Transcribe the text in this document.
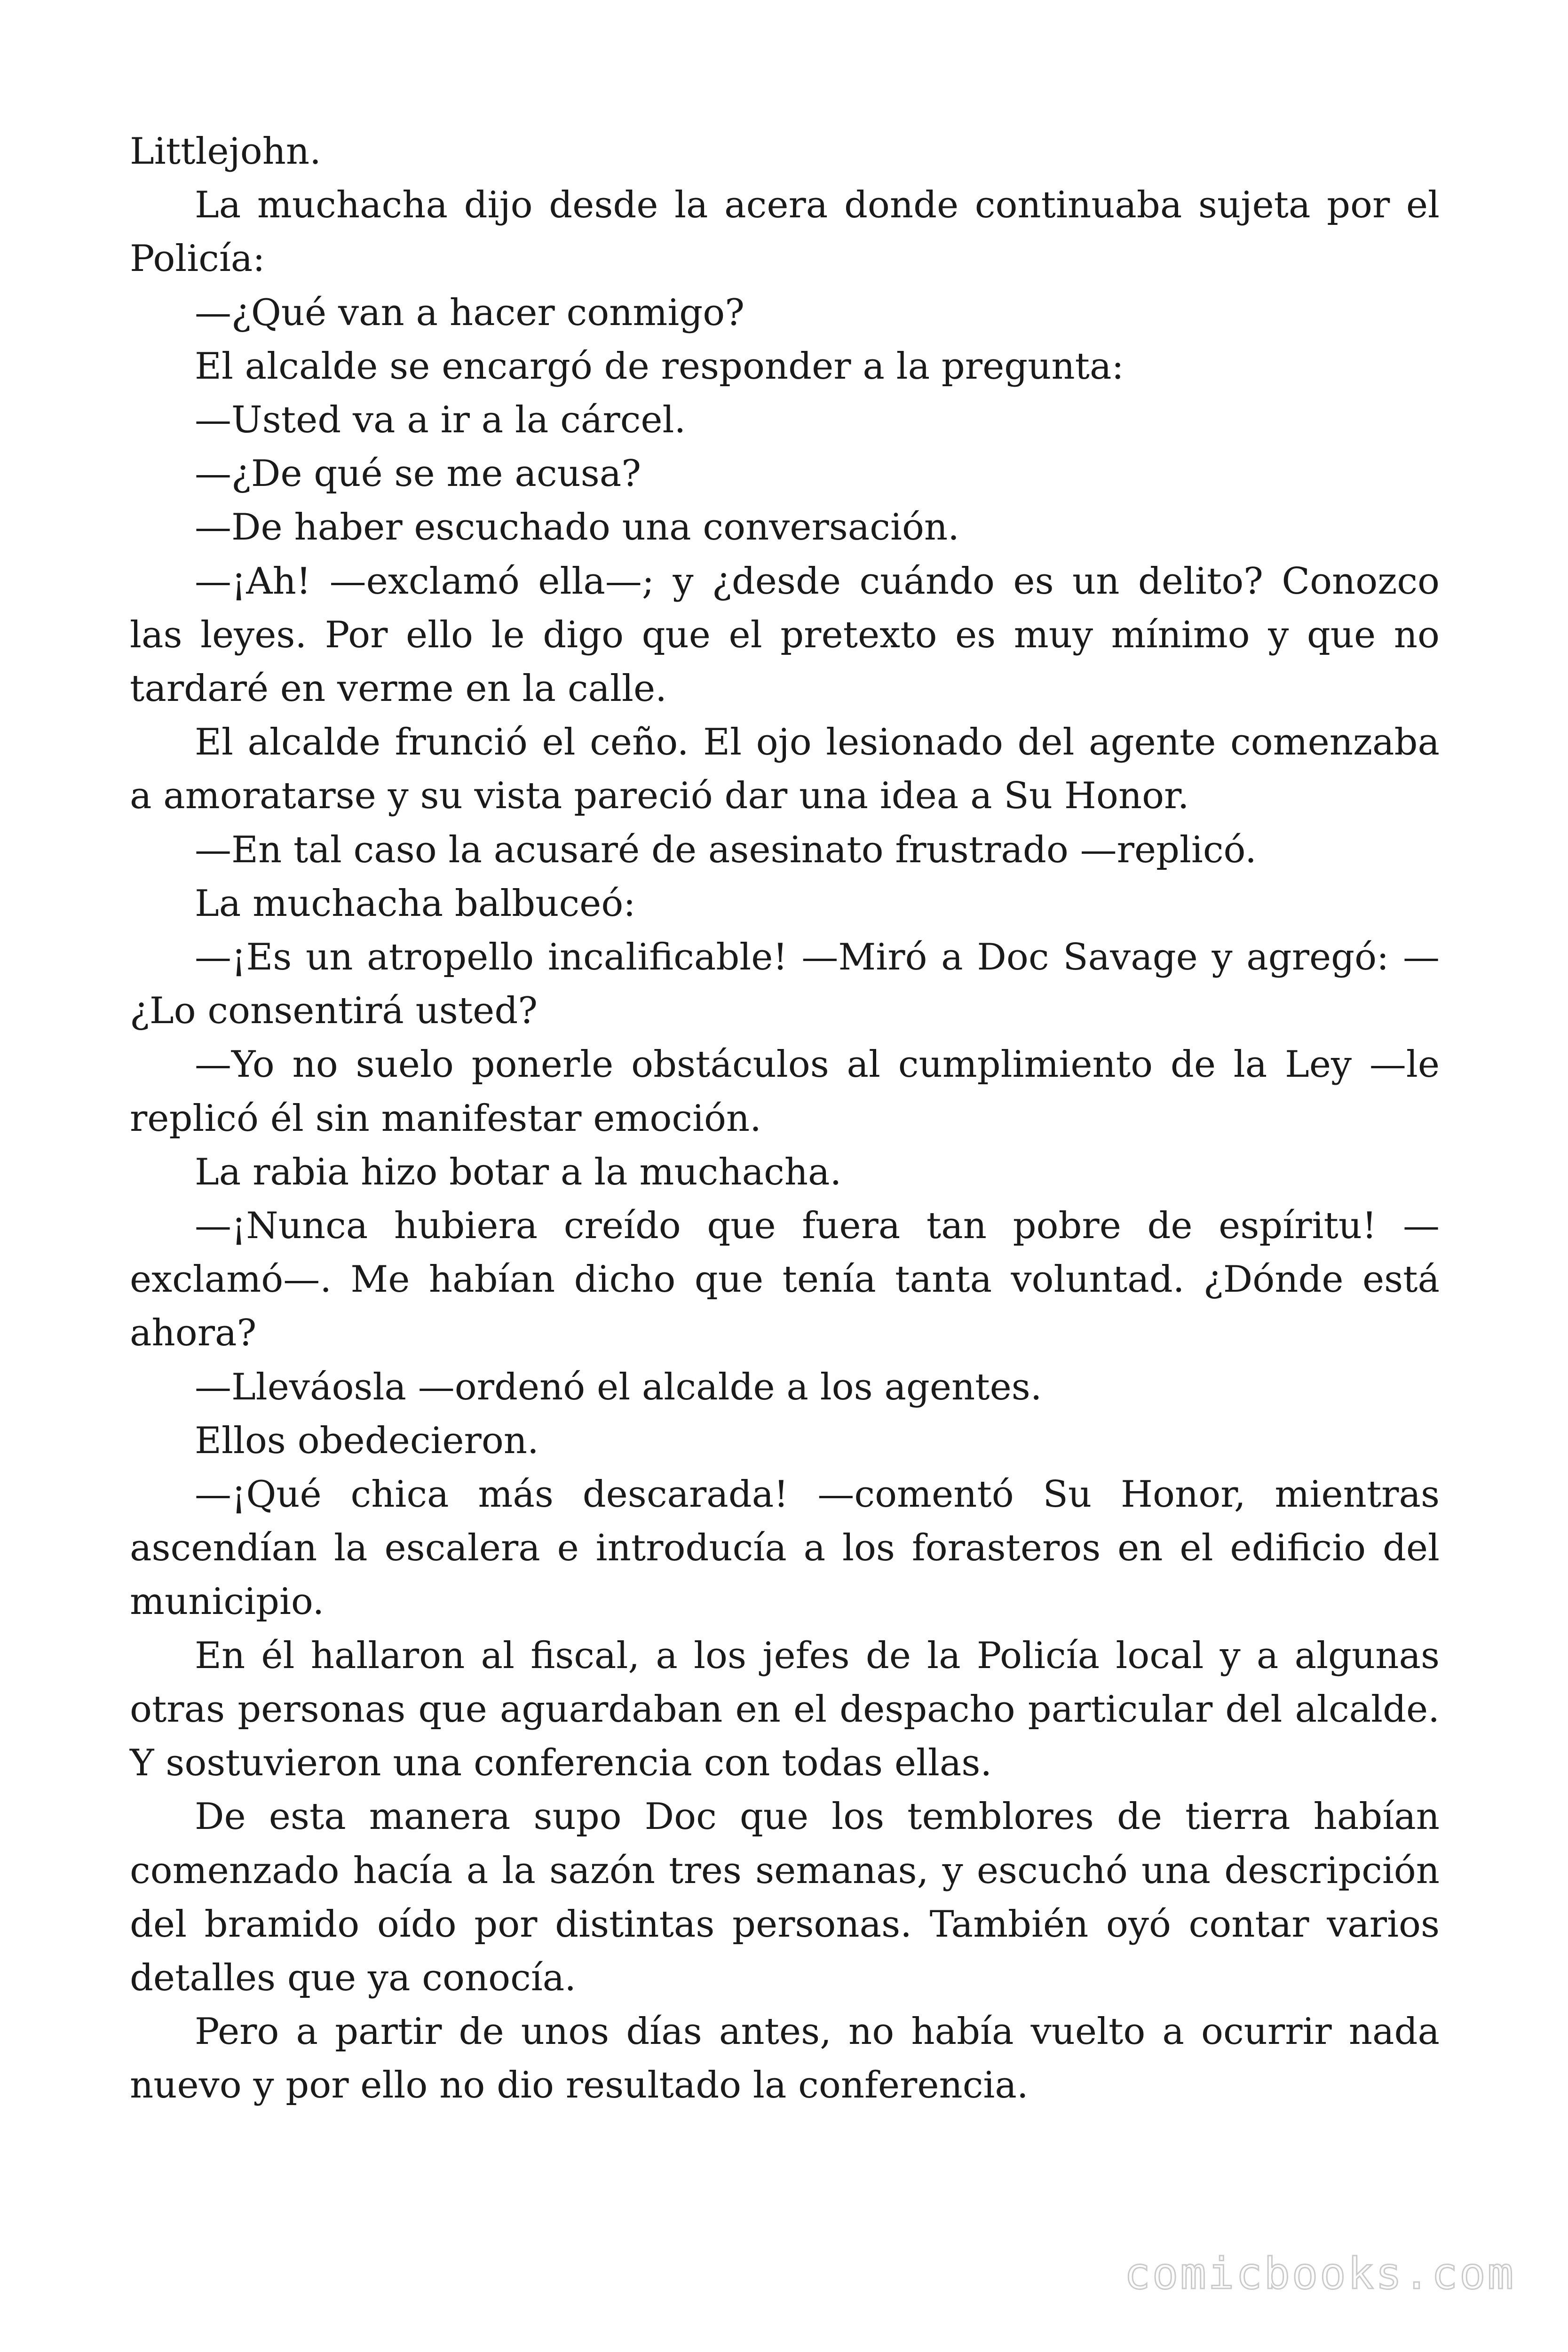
Littlejohn.

La muchacha dijo desde la acera donde continuaba sujeta por el Policía:

—¿Qué van a hacer conmigo?

El alcalde se encargó de responder a la pregunta:

—Usted va a ir a la cárcel.

—¿De qué se me acusa?

—De haber escuchado una conversación.

—¡Ah! —exclamó ella—; y ¿desde cuándo es un delito? Conozco las leyes. Por ello le digo que el pretexto es muy mínimo y que no tardaré en verme en la calle.

El alcalde frunció el ceño. El ojo lesionado del agente comenzaba a amoratarse y su vista pareció dar una idea a Su Honor.

—En tal caso la acusaré de asesinato frustrado —replicó.

La muchacha balbuceó:

—¡Es un atropello incalificable! —Miró a Doc Savage y agregó: — ¿Lo consentirá usted?

—Yo no suelo ponerle obstáculos al cumplimiento de la Ley —le replicó él sin manifestar emoción.

La rabia hizo botar a la muchacha.

—¡Nunca hubiera creído que fuera tan pobre de espíritu! — exclamó—. Me habían dicho que tenía tanta voluntad. ¿Dónde está ahora?

—Lleváosla —ordenó el alcalde a los agentes.

Ellos obedecieron.

—¡Qué chica más descarada! —comentó Su Honor, mientras ascendían la escalera e introducía a los forasteros en el edificio del municipio.

En él hallaron al fiscal, a los jefes de la Policía local y a algunas otras personas que aguardaban en el despacho particular del alcalde. Y sostuvieron una conferencia con todas ellas.

De esta manera supo Doc que los temblores de tierra habían comenzado hacía a la sazón tres semanas, y escuchó una descripción del bramido oído por distintas personas. También oyó contar varios detalles que ya conocía.

Pero a partir de unos días antes, no había vuelto a ocurrir nada nuevo y por ello no dio resultado la conferencia.

comicbooks.com
